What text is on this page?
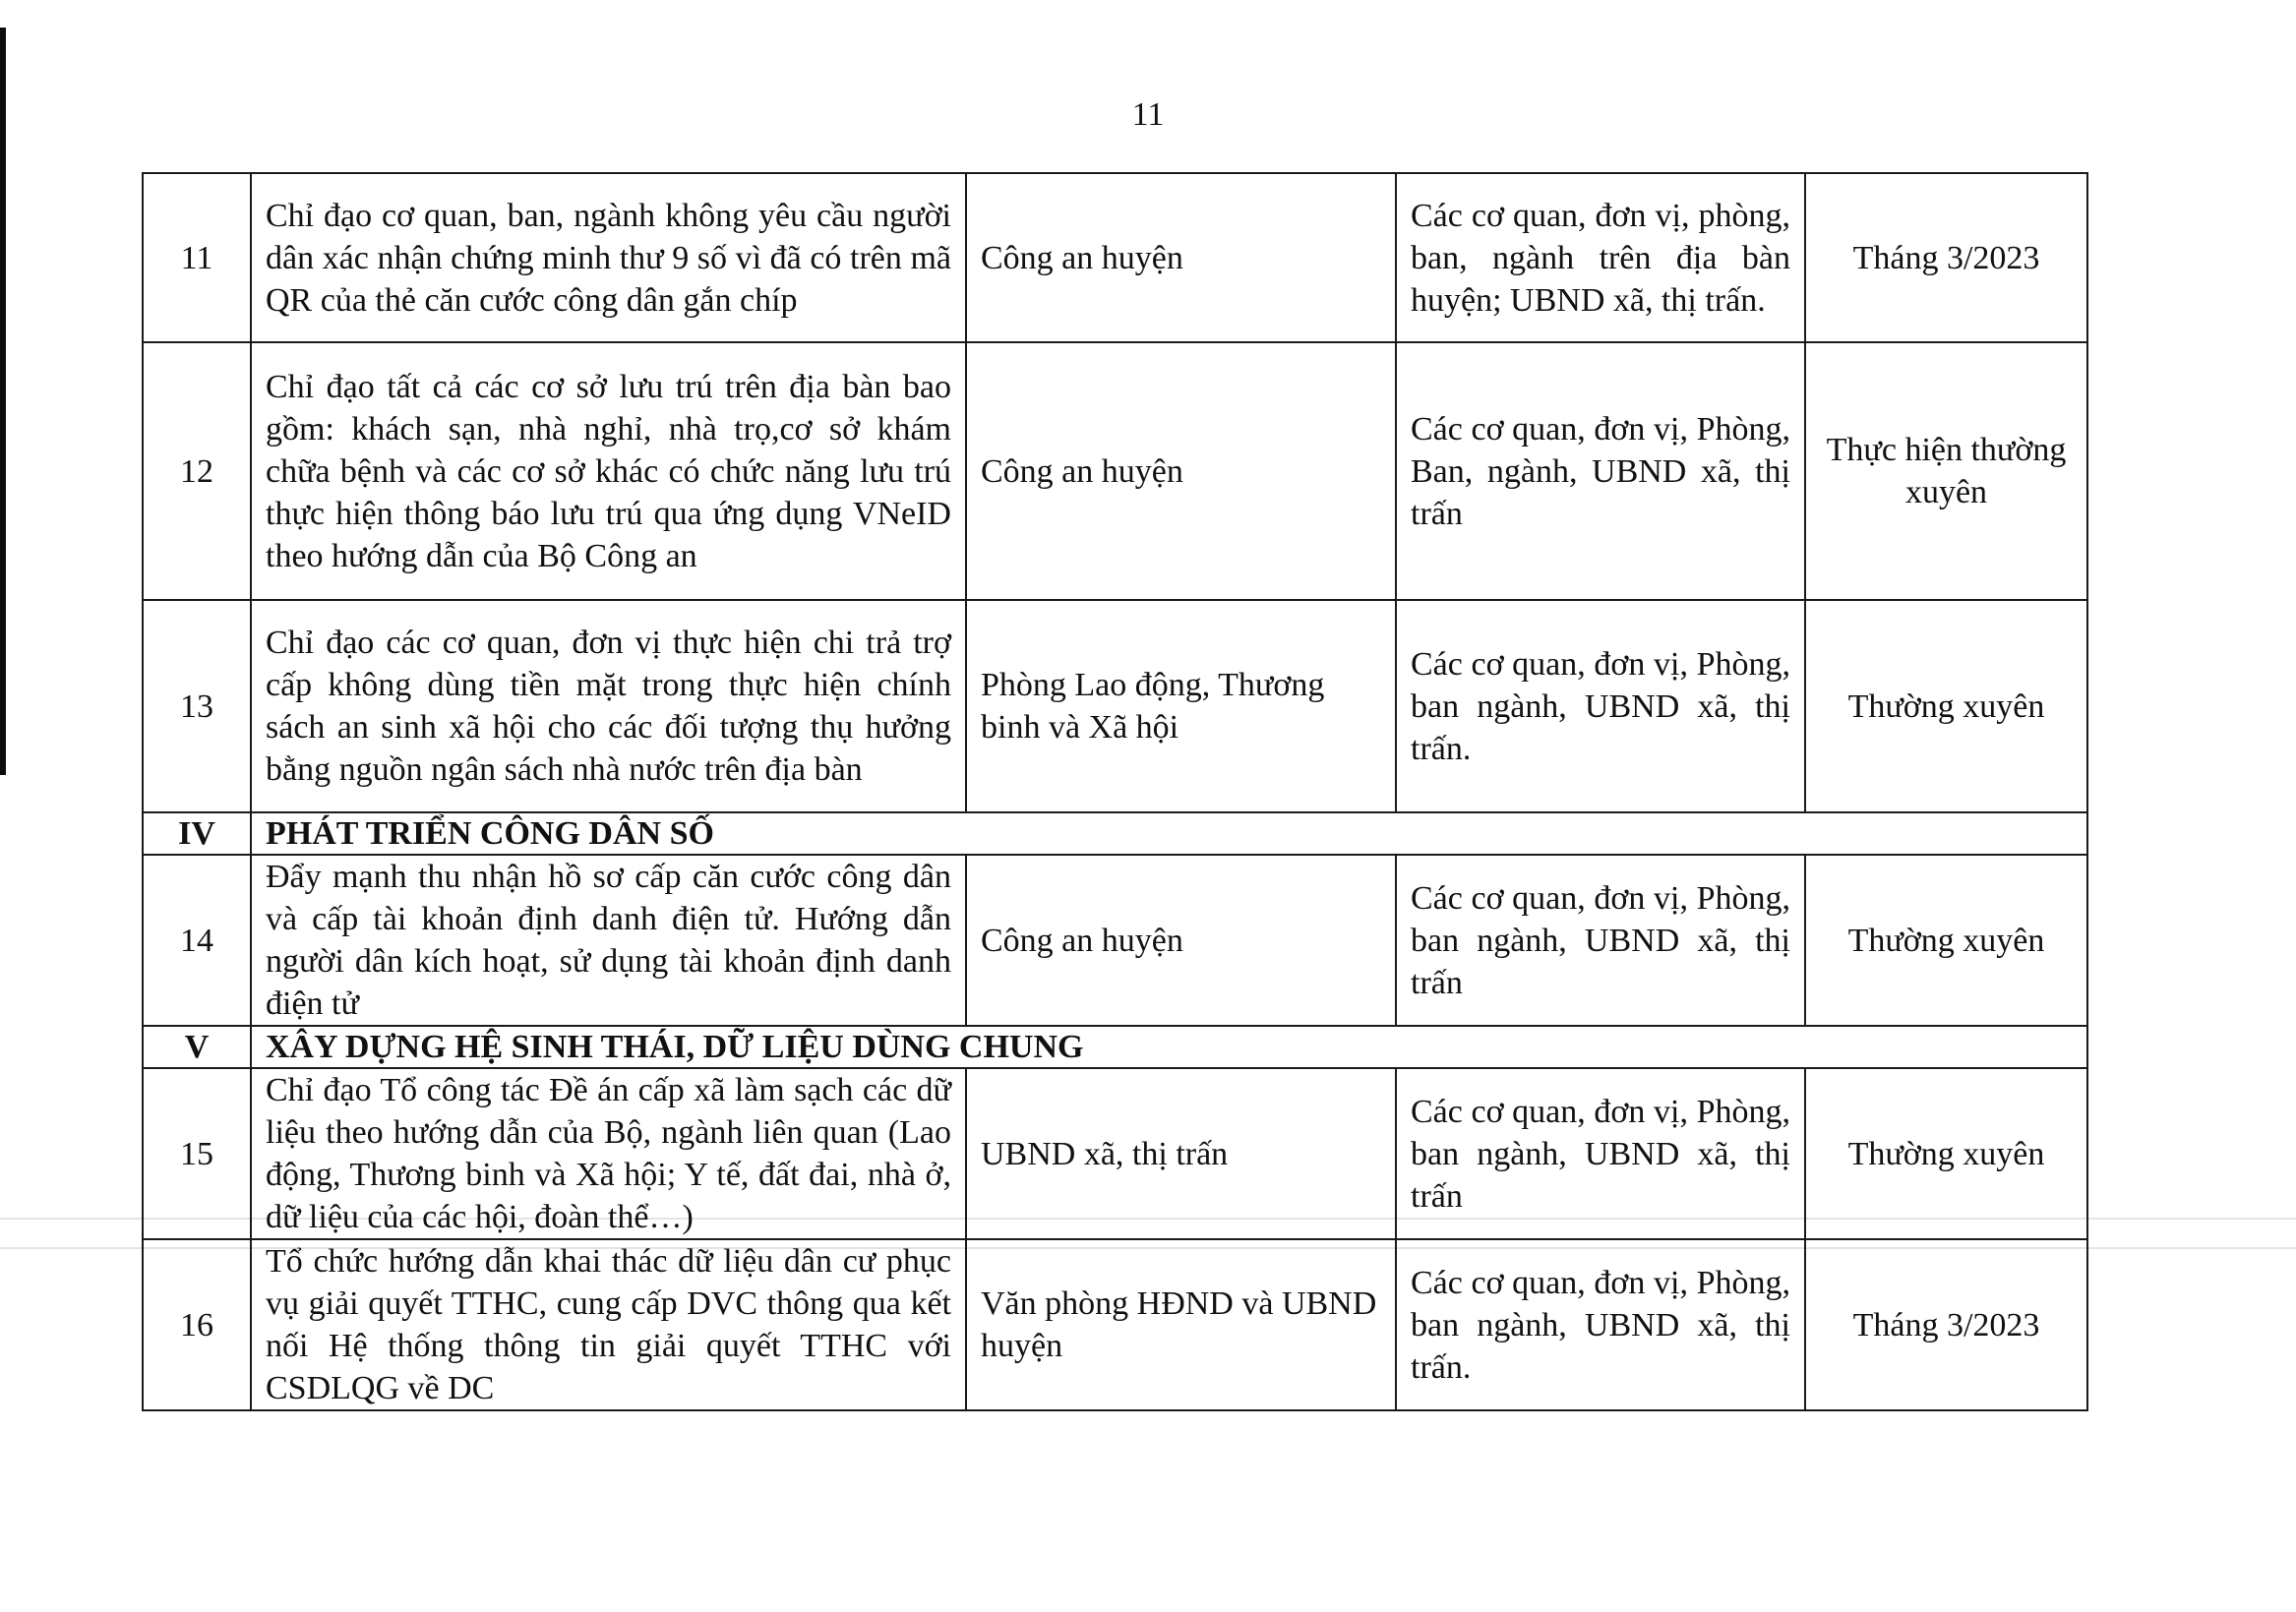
11
11	Chỉ đạo cơ quan, ban, ngành không yêu cầu người dân xác nhận chứng minh thư 9 số vì đã có trên mã QR của thẻ căn cước công dân gắn chíp	Công an huyện	Các cơ quan, đơn vị, phòng, ban, ngành trên địa bàn huyện; UBND xã, thị trấn.	Tháng 3/2023
12	Chỉ đạo tất cả các cơ sở lưu trú trên địa bàn bao gồm: khách sạn, nhà nghỉ, nhà trọ,cơ sở khám chữa bệnh và các cơ sở khác có chức năng lưu trú thực hiện thông báo lưu trú qua ứng dụng VNeID theo hướng dẫn của Bộ Công an	Công an huyện	Các cơ quan, đơn vị, Phòng, Ban, ngành, UBND xã, thị trấn	Thực hiện thường xuyên
13	Chỉ đạo các cơ quan, đơn vị thực hiện chi trả trợ cấp không dùng tiền mặt trong thực hiện chính sách an sinh xã hội cho các đối tượng thụ hưởng bằng nguồn ngân sách nhà nước trên địa bàn	Phòng Lao động, Thương binh và Xã hội	Các cơ quan, đơn vị, Phòng, ban ngành, UBND xã, thị trấn.	Thường xuyên
IV	PHÁT TRIỂN CÔNG DÂN SỐ			
14	Đẩy mạnh thu nhận hồ sơ cấp căn cước công dân và cấp tài khoản định danh điện tử. Hướng dẫn người dân kích hoạt, sử dụng tài khoản định danh điện tử	Công an huyện	Các cơ quan, đơn vị, Phòng, ban ngành, UBND xã, thị trấn	Thường xuyên
V	XÂY DỰNG HỆ SINH THÁI, DỮ LIỆU DÙNG CHUNG			
15	Chỉ đạo Tổ công tác Đề án cấp xã làm sạch các dữ liệu theo hướng dẫn của Bộ, ngành liên quan (Lao động, Thương binh và Xã hội; Y tế, đất đai, nhà ở, dữ liệu của các hội, đoàn thể…)	UBND xã, thị trấn	Các cơ quan, đơn vị, Phòng, ban ngành, UBND xã, thị trấn	Thường xuyên
16	Tổ chức hướng dẫn khai thác dữ liệu dân cư phục vụ giải quyết TTHC, cung cấp DVC thông qua kết nối Hệ thống thông tin giải quyết TTHC với CSDLQG về DC	Văn phòng HĐND và UBND huyện	Các cơ quan, đơn vị, Phòng, ban ngành, UBND xã, thị trấn.	Tháng 3/2023
